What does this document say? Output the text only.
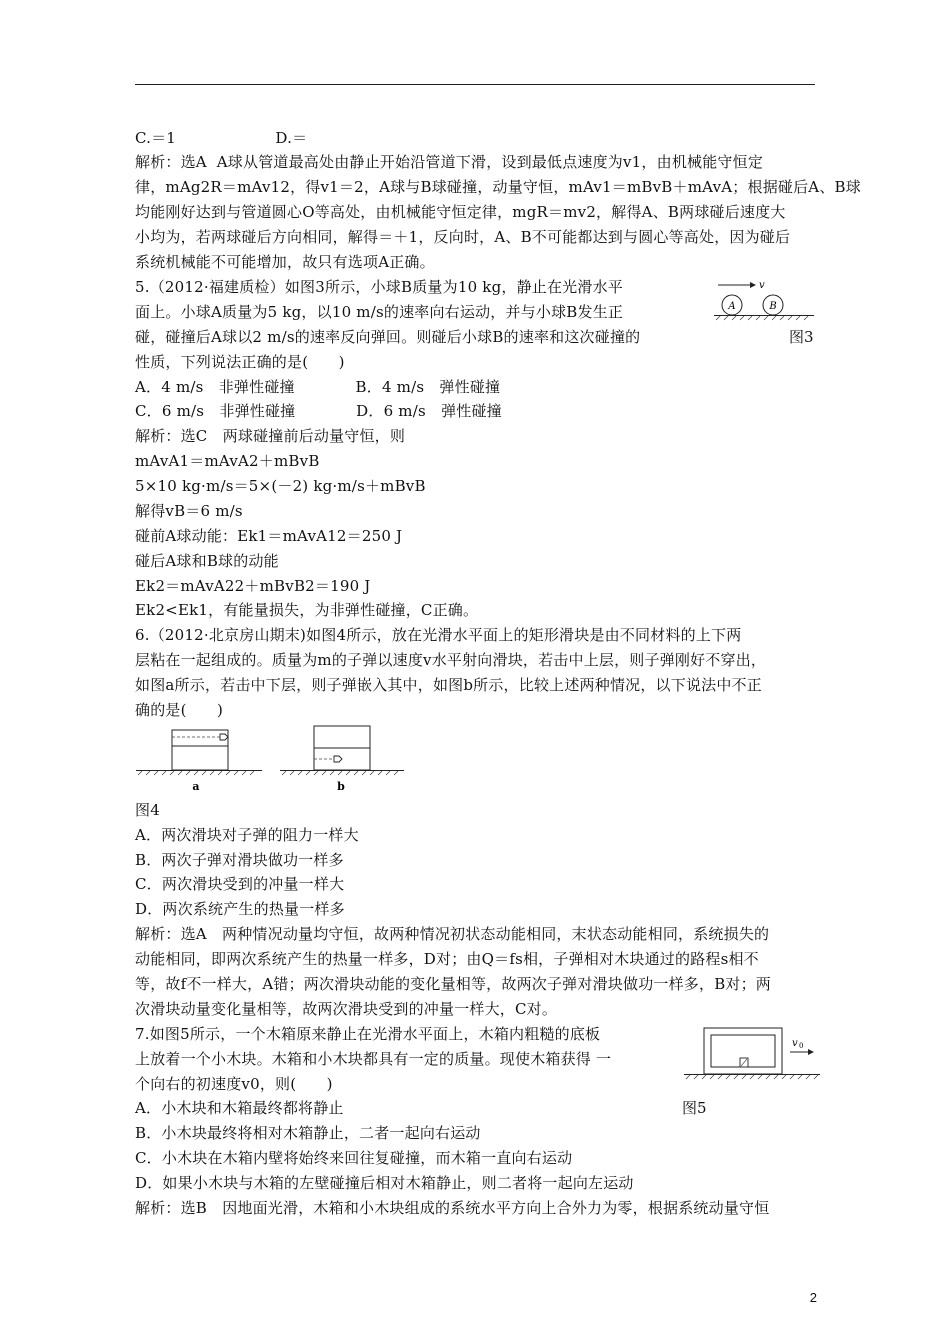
C.＝1                    D.＝
解析：选A  A球从管道最高处由静止开始沿管道下滑，设到最低点速度为v1，由机械能守恒定
律，mAg2R＝mAv12，得v1＝2，A球与B球碰撞，动量守恒，mAv1＝mBvB＋mAvA；根据碰后A、B球
均能刚好达到与管道圆心O等高处，由机械能守恒定律，mgR＝mv2，解得A、B两球碰后速度大
小均为，若两球碰后方向相同，解得＝＋1，反向时，A、B不可能都达到与圆心等高处，因为碰后
系统机械能不可能增加，故只有选项A正确。
5.（2012·福建质检）如图3所示，小球B质量为10 kg，静止在光滑水平
面上。小球A质量为5 kg，以10 m/s的速率向右运动，并与小球B发生正
碰，碰撞后A球以2 m/s的速率反向弹回。则碰后小球B的速率和这次碰撞的
性质，下列说法正确的是(　　)
A．4 m/s　非弹性碰撞　　　　B．4 m/s　弹性碰撞
C．6 m/s　非弹性碰撞　　　　D．6 m/s　弹性碰撞
解析：选C　两球碰撞前后动量守恒，则
mAvA1＝mAvA2＋mBvB
5×10 kg·m/s＝5×(－2) kg·m/s＋mBvB
解得vB＝6 m/s
碰前A球动能：Ek1＝mAvA12＝250 J
碰后A球和B球的动能
Ek2＝mAvA22＋mBvB2＝190 J
Ek2<Ek1，有能量损失，为非弹性碰撞，C正确。
6.（2012·北京房山期末)如图4所示，放在光滑水平面上的矩形滑块是由不同材料的上下两
层粘在一起组成的。质量为m的子弹以速度v水平射向滑块，若击中上层，则子弹刚好不穿出，
如图a所示，若击中下层，则子弹嵌入其中，如图b所示，比较上述两种情况，以下说法中不正
确的是(　　)
图4
A．两次滑块对子弹的阻力一样大
B．两次子弹对滑块做功一样多
C．两次滑块受到的冲量一样大
D．两次系统产生的热量一样多
解析：选A　两种情况动量均守恒，故两种情况初状态动能相同，末状态动能相同，系统损失的
动能相同，即两次系统产生的热量一样多，D对；由Q＝fs相，子弹相对木块通过的路程s相不
等，故f不一样大，A错；两次滑块动能的变化量相等，故两次子弹对滑块做功一样多，B对；两
次滑块动量变化量相等，故两次滑块受到的冲量一样大，C对。
7.如图5所示，一个木箱原来静止在光滑水平面上，木箱内粗糙的底板
上放着一个小木块。木箱和小木块都具有一定的质量。现使木箱获得 一
个向右的初速度v0，则(　　)
A．小木块和木箱最终都将静止
B．小木块最终将相对木箱静止，二者一起向右运动
C．小木块在木箱内壁将始终来回往复碰撞，而木箱一直向右运动
D．如果小木块与木箱的左壁碰撞后相对木箱静止，则二者将一起向左运动
解析：选B　因地面光滑，木箱和小木块组成的系统水平方向上合外力为零，根据系统动量守恒
v
A	B
图3
a	b
v 0
图5
2
